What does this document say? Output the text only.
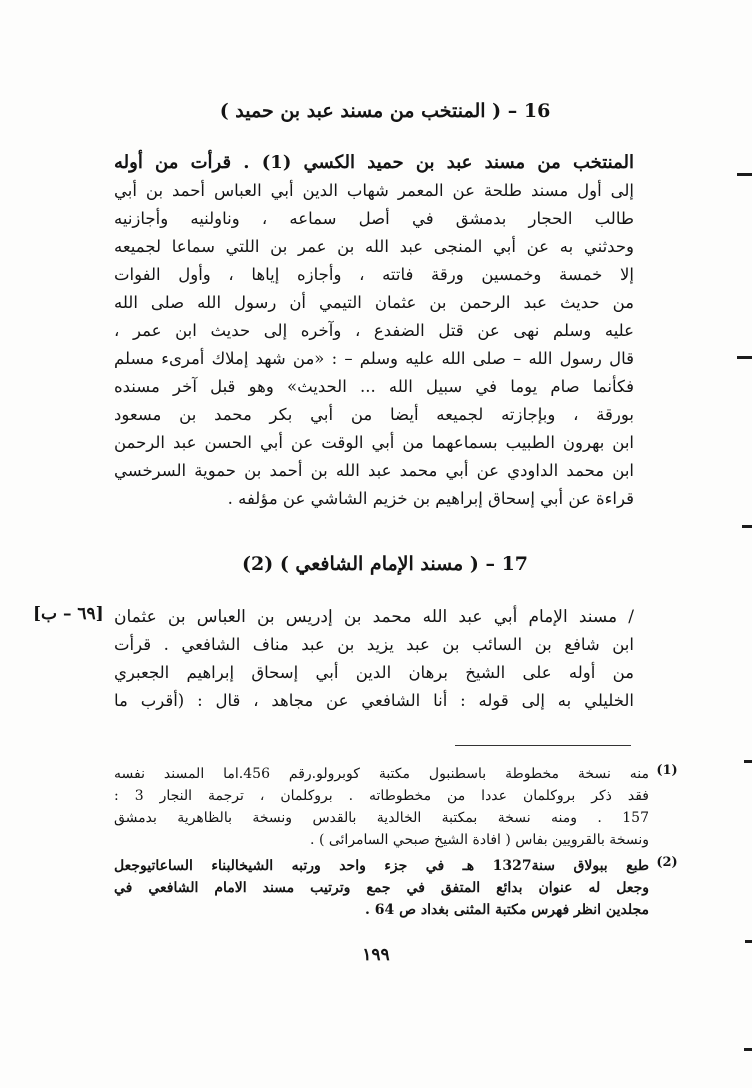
16 – ( المنتخب من مسند عبد بن حميد )
المنتخب من مسند عبد بن حميد الكسي (1) . قرأت من أوله
إلى أول مسند طلحة عن المعمر شهاب الدين أبي العباس أحمد بن أبي
طالب الحجار بدمشق في أصل سماعه ، وناولنيه وأجازنيه
وحدثني به عن أبي المنجى عبد الله بن عمر بن اللتي سماعا لجميعه
إلا خمسة وخمسين ورقة فاتته ، وأجازه إياها ، وأول الفوات
من حديث عبد الرحمن بن عثمان التيمي أن رسول الله صلى الله
عليه وسلم نهى عن قتل الضفدع ، وآخره إلى حديث ابن عمر ،
قال رسول الله – صلى الله عليه وسلم – : «من شهد إملاك أمرىء مسلم
فكأنما صام يوما في سبيل الله ... الحديث» وهو قبل آخر مسنده
بورقة ، وبإجازته لجميعه أيضا من أبي بكر محمد بن مسعود
ابن بهرون الطبيب بسماعهما من أبي الوقت عن أبي الحسن عبد الرحمن
ابن محمد الداودي عن أبي محمد عبد الله بن أحمد بن حموية السرخسي
قراءة عن أبي إسحاق إبراهيم بن خزيم الشاشي عن مؤلفه .
17 – ( مسند الإمام الشافعي ) (2)
[٦٩ – ب] / مسند الإمام أبي عبد الله محمد بن إدريس بن العباس بن عثمان
ابن شافع بن السائب بن عبد يزيد بن عبد مناف الشافعي . قرأت
من أوله على الشيخ برهان الدين أبي إسحاق إبراهيم الجعبري
الخليلي به إلى قوله : أنا الشافعي عن مجاهد ، قال : (أقرب ما
(1)
منه نسخة مخطوطة باسطنبول مكتبة كوبرولو.رقم 456.اما المسند نفسه
فقد ذكر بروكلمان عددا من مخطوطاته . بروكلمان ، ترجمة النجار 3 :
157 . ومنه نسخة بمكتبة الخالدية بالقدس ونسخة بالظاهرية بدمشق
ونسخة بالقرويين بفاس ( افادة الشيخ صبحي السامرائى ) .
(2)
طبع ببولاق سنة1327 هـ في جزء واحد ورتبه الشيخالبناء الساعاتيوجعل
وجعل له عنوان بدائع المتفق في جمع وترتيب مسند الامام الشافعي في
مجلدين انظر فهرس مكتبة المثنى بغداد ص 64 .
١٩٩
